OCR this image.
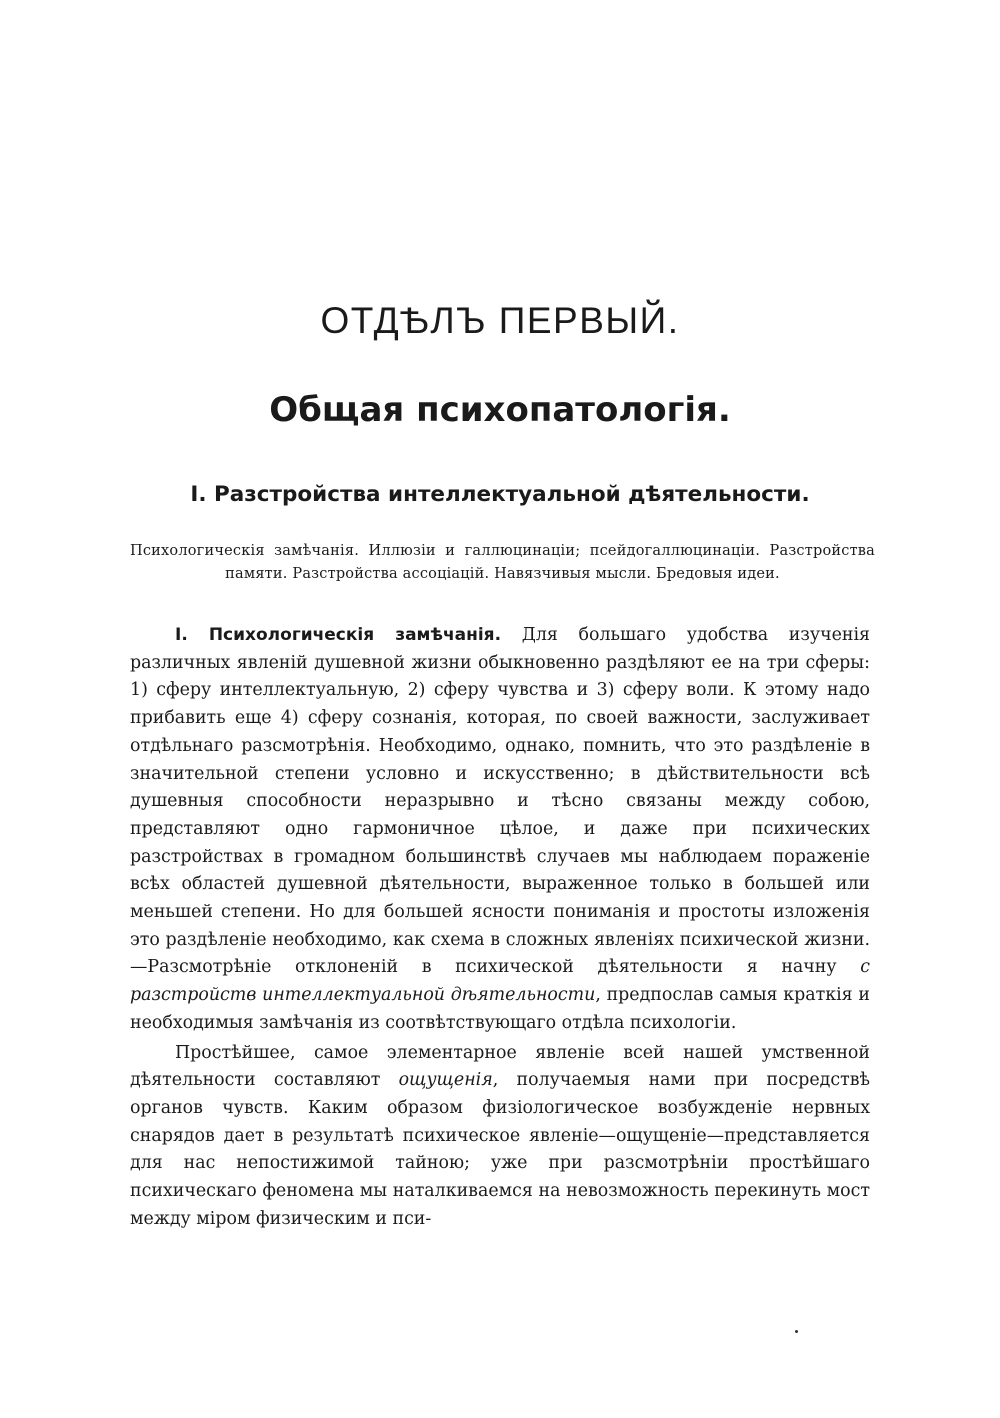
ОТДѢЛЪ ПЕРВЫЙ.
Общая психопатологія.
I. Разстройства интеллектуальной дѣятельности.

Психологическія замѣчанія. Иллюзіи и галлюцинаціи; псейдогаллюцинаціи. Разстройства памяти. Разстройства ассоціацій. Навязчивыя мысли. Бредовыя идеи.

I. Психологическія замѣчанія. Для большаго удобства изученія различных явленій душевной жизни обыкновенно раздѣляют ее на три сферы: 1) сферу интеллектуальную, 2) сферу чувства и 3) сферу воли. К этому надо прибавить еще 4) сферу сознанія, которая, по своей важности, заслуживает отдѣльнаго разсмотрѣнія. Необходимо, однако, помнить, что это раздѣленіе в значительной степени условно и искусственно; в дѣйствительности всѣ душевныя способности неразрывно и тѣсно связаны между собою, представляют одно гармоничное цѣлое, и даже при психических разстройствах в громадном большинствѣ случаев мы наблюдаем пораженіе всѣх областей душевной дѣятельности, выраженное только в большей или меньшей степени. Но для большей ясности пониманія и простоты изложенія это раздѣленіе необходимо, как схема в сложных явленіях психической жизни.—Разсмотрѣніе отклоненій в психической дѣятельности я начну с разстройств интеллектуальной дѣятельности, предпослав самыя краткія и необходимыя замѣчанія из соотвѣтствующаго отдѣла психологіи.

Простѣйшее, самое элементарное явленіе всей нашей умственной дѣятельности составляют ощущенія, получаемыя нами при посредствѣ органов чувств. Каким образом физіологическое возбужденіе нервных снарядов дает в результатѣ психическое явленіе—ощущеніе—представляется для нас непостижимой тайною; уже при разсмотрѣніи простѣйшаго психическаго феномена мы наталкиваемся на невозможность перекинуть мост между міром физическим и пси-
